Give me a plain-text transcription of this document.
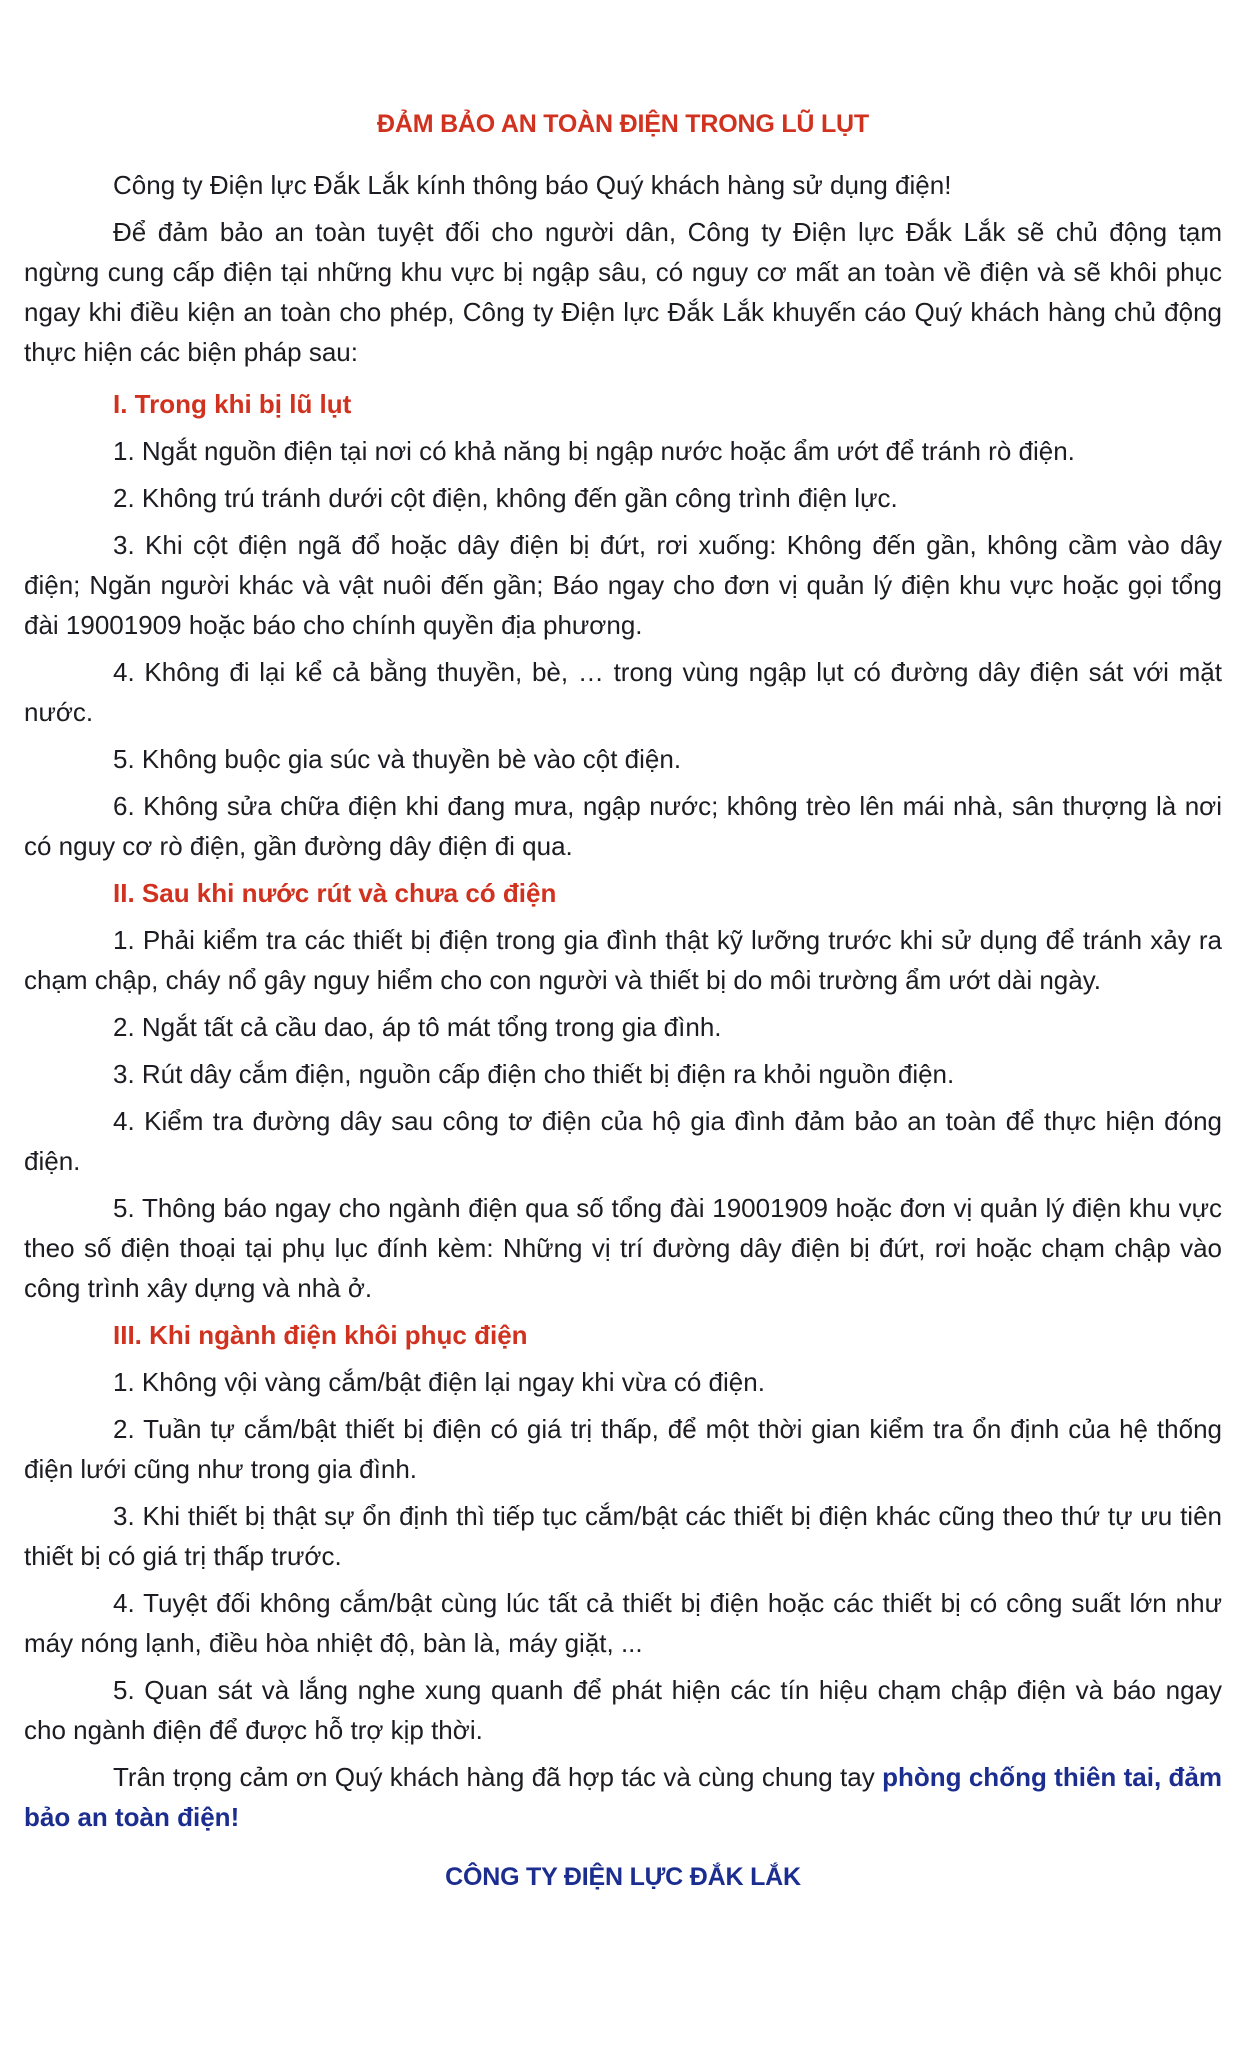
ĐẢM BẢO AN TOÀN ĐIỆN TRONG LŨ LỤT
Công ty Điện lực Đắk Lắk kính thông báo Quý khách hàng sử dụng điện!
Để đảm bảo an toàn tuyệt đối cho người dân, Công ty Điện lực Đắk Lắk sẽ chủ động tạm ngừng cung cấp điện tại những khu vực bị ngập sâu, có nguy cơ mất an toàn về điện và sẽ khôi phục ngay khi điều kiện an toàn cho phép, Công ty Điện lực Đắk Lắk khuyến cáo Quý khách hàng chủ động thực hiện các biện pháp sau:
I. Trong khi bị lũ lụt
1. Ngắt nguồn điện tại nơi có khả năng bị ngập nước hoặc ẩm ướt để tránh rò điện.
2. Không trú tránh dưới cột điện, không đến gần công trình điện lực.
3. Khi cột điện ngã đổ hoặc dây điện bị đứt, rơi xuống: Không đến gần, không cầm vào dây điện; Ngăn người khác và vật nuôi đến gần; Báo ngay cho đơn vị quản lý điện khu vực hoặc gọi tổng đài 19001909 hoặc báo cho chính quyền địa phương.
4. Không đi lại kể cả bằng thuyền, bè, … trong vùng ngập lụt có đường dây điện sát với mặt nước.
5. Không buộc gia súc và thuyền bè vào cột điện.
6. Không sửa chữa điện khi đang mưa, ngập nước; không trèo lên mái nhà, sân thượng là nơi có nguy cơ rò điện, gần đường dây điện đi qua.
II. Sau khi nước rút và chưa có điện
1. Phải kiểm tra các thiết bị điện trong gia đình thật kỹ lưỡng trước khi sử dụng để tránh xảy ra chạm chập, cháy nổ gây nguy hiểm cho con người và thiết bị do môi trường ẩm ướt dài ngày.
2. Ngắt tất cả cầu dao, áp tô mát tổng trong gia đình.
3. Rút dây cắm điện, nguồn cấp điện cho thiết bị điện ra khỏi nguồn điện.
4. Kiểm tra đường dây sau công tơ điện của hộ gia đình đảm bảo an toàn để thực hiện đóng điện.
5. Thông báo ngay cho ngành điện qua số tổng đài 19001909 hoặc đơn vị quản lý điện khu vực theo số điện thoại tại phụ lục đính kèm: Những vị trí đường dây điện bị đứt, rơi hoặc chạm chập vào công trình xây dựng và nhà ở.
III. Khi ngành điện khôi phục điện
1. Không vội vàng cắm/bật điện lại ngay khi vừa có điện.
2. Tuần tự cắm/bật thiết bị điện có giá trị thấp, để một thời gian kiểm tra ổn định của hệ thống điện lưới cũng như trong gia đình.
3. Khi thiết bị thật sự ổn định thì tiếp tục cắm/bật các thiết bị điện khác cũng theo thứ tự ưu tiên thiết bị có giá trị thấp trước.
4. Tuyệt đối không cắm/bật cùng lúc tất cả thiết bị điện hoặc các thiết bị có công suất lớn như máy nóng lạnh, điều hòa nhiệt độ, bàn là, máy giặt, ...
5. Quan sát và lắng nghe xung quanh để phát hiện các tín hiệu chạm chập điện và báo ngay cho ngành điện để được hỗ trợ kịp thời.
Trân trọng cảm ơn Quý khách hàng đã hợp tác và cùng chung tay phòng chống thiên tai, đảm bảo an toàn điện!
CÔNG TY ĐIỆN LỰC ĐẮK LẮK
